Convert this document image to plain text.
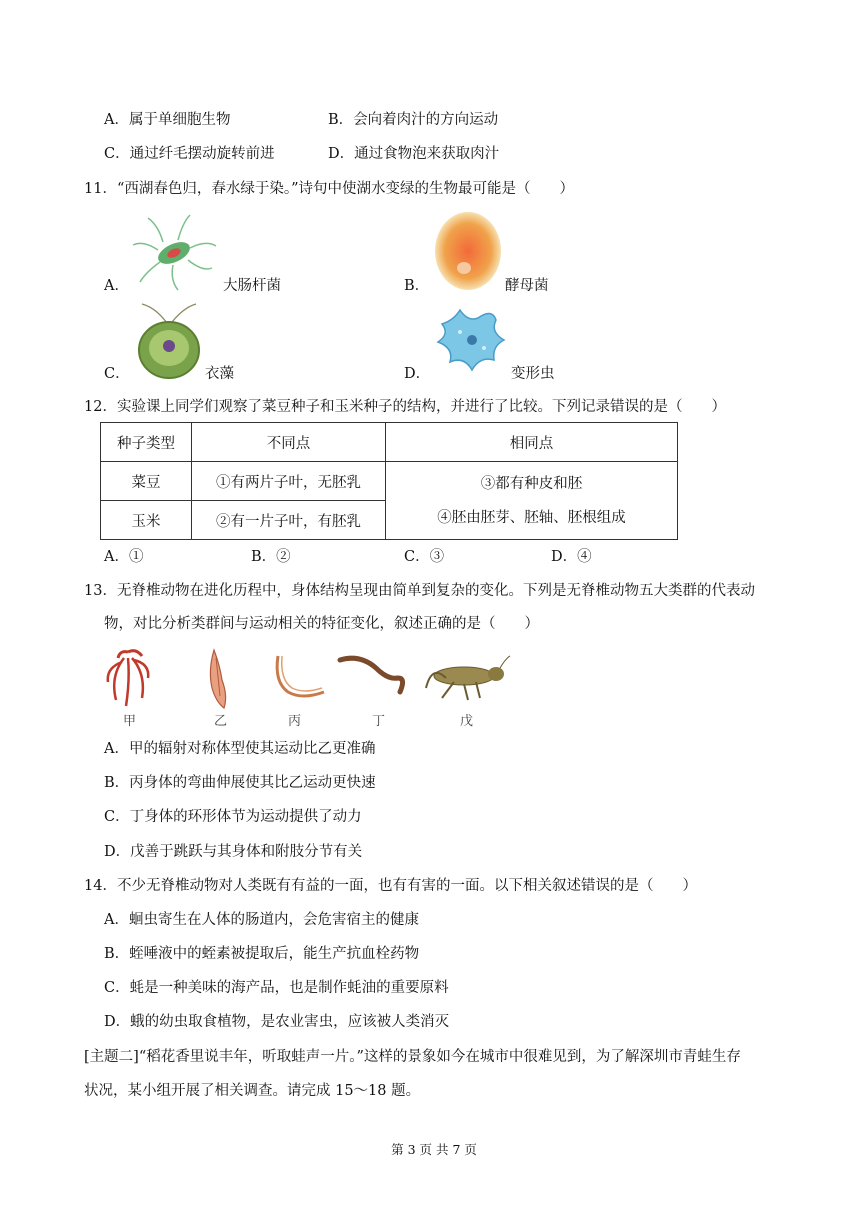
A．属于单细胞生物	B．会向着肉汁的方向运动
C．通过纤毛摆动旋转前进	D．通过食物泡来获取肉汁
11．“西湖春色归，春水绿于染。”诗句中使湖水变绿的生物最可能是（　　）
A．	大肠杆菌	B．	酵母菌
C．	衣藻	D．	变形虫
12．实验课上同学们观察了菜豆种子和玉米种子的结构，并进行了比较。下列记录错误的是（　　）
种子类型	不同点	相同点
菜豆	①有两片子叶，无胚乳	③都有种皮和胚
④胚由胚芽、胚轴、胚根组成

玉米	②有一片子叶，有胚乳	
A．①	B．②	C．③	D．④
13．无脊椎动物在进化历程中，身体结构呈现由简单到复杂的变化。下列是无脊椎动物五大类群的代表动
物，对比分析类群间与运动相关的特征变化，叙述正确的是（　　）
甲	乙	丙	丁	戊
A．甲的辐射对称体型使其运动比乙更准确
B．丙身体的弯曲伸展使其比乙运动更快速
C．丁身体的环形体节为运动提供了动力
D．戊善于跳跃与其身体和附肢分节有关
14．不少无脊椎动物对人类既有有益的一面，也有有害的一面。以下相关叙述错误的是（　　）
A．蛔虫寄生在人体的肠道内，会危害宿主的健康
B．蛭唾液中的蛭素被提取后，能生产抗血栓药物
C．蚝是一种美味的海产品，也是制作蚝油的重要原料
D．蛾的幼虫取食植物，是农业害虫，应该被人类消灭
[主题二]“稻花香里说丰年，听取蛙声一片。”这样的景象如今在城市中很难见到，为了解深圳市青蛙生存
状况，某小组开展了相关调查。请完成 15～18 题。
第 3 页 共 7 页
